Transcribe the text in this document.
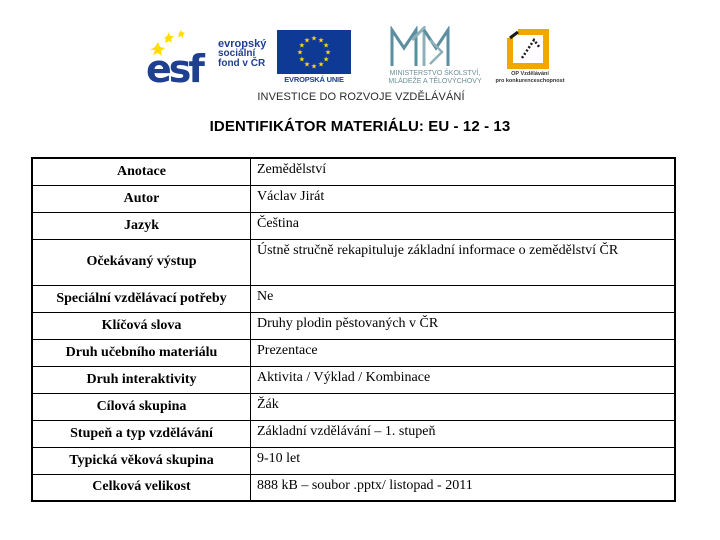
esf
evropský
sociální
fond v ČR
★ ★
★
★
★
★
★
★
★
★
★
★
EVROPSKÁ UNIE
MINISTERSTVO ŠKOLSTVÍ,
MLÁDEŽE A TĚLOVÝCHOVY
OP Vzdělávání
pro konkurenceschopnost
INVESTICE DO ROZVOJE VZDĚLÁVÁNÍ
IDENTIFIKÁTOR MATERIÁLU: EU - 12 - 13
Anotace	Zemědělství
Autor	Václav Jirát
Jazyk	Čeština
Očekávaný výstup	Ústně stručně rekapituluje základní informace o zemědělství ČR
Speciální vzdělávací potřeby	Ne
Klíčová slova	Druhy plodin pěstovaných v ČR
Druh učebního materiálu	Prezentace
Druh interaktivity	Aktivita / Výklad / Kombinace
Cílová skupina	Žák
Stupeň a typ vzdělávání	Základní vzdělávání – 1. stupeň
Typická věková skupina	9-10 let
Celková velikost	888 kB – soubor .pptx/ listopad - 2011
